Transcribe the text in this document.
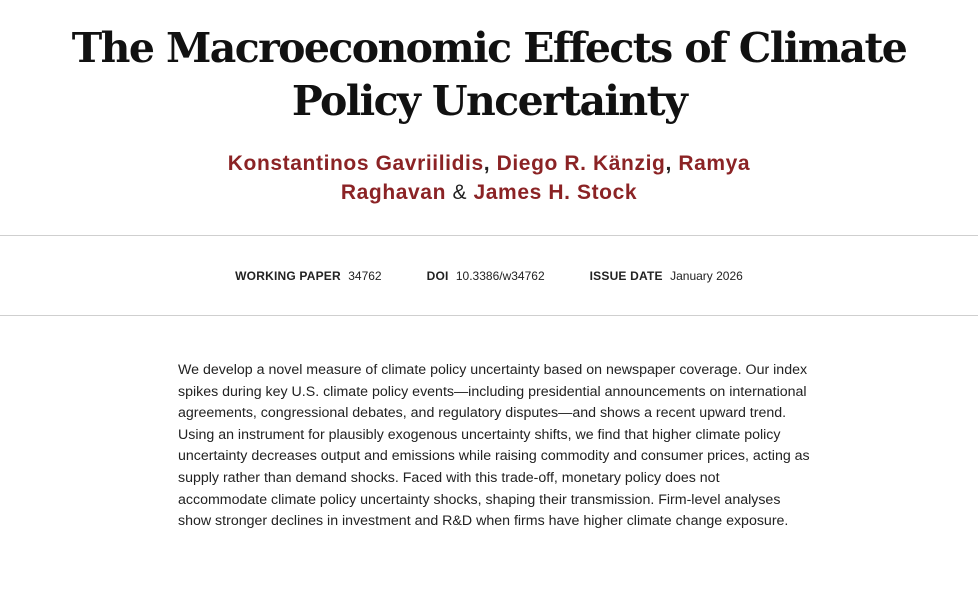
The Macroeconomic Effects of Climate Policy Uncertainty
Konstantinos Gavriilidis, Diego R. Känzig, Ramya Raghavan & James H. Stock
WORKING PAPER 34762	DOI 10.3386/w34762	ISSUE DATE January 2026

We develop a novel measure of climate policy uncertainty based on newspaper coverage. Our index spikes during key U.S. climate policy events—including presidential announcements on international agreements, congressional debates, and regulatory disputes—and shows a recent upward trend. Using an instrument for plausibly exogenous uncertainty shifts, we find that higher climate policy uncertainty decreases output and emissions while raising commodity and consumer prices, acting as supply rather than demand shocks. Faced with this trade-off, monetary policy does not accommodate climate policy uncertainty shocks, shaping their transmission. Firm-level analyses show stronger declines in investment and R&D when firms have higher climate change exposure.
